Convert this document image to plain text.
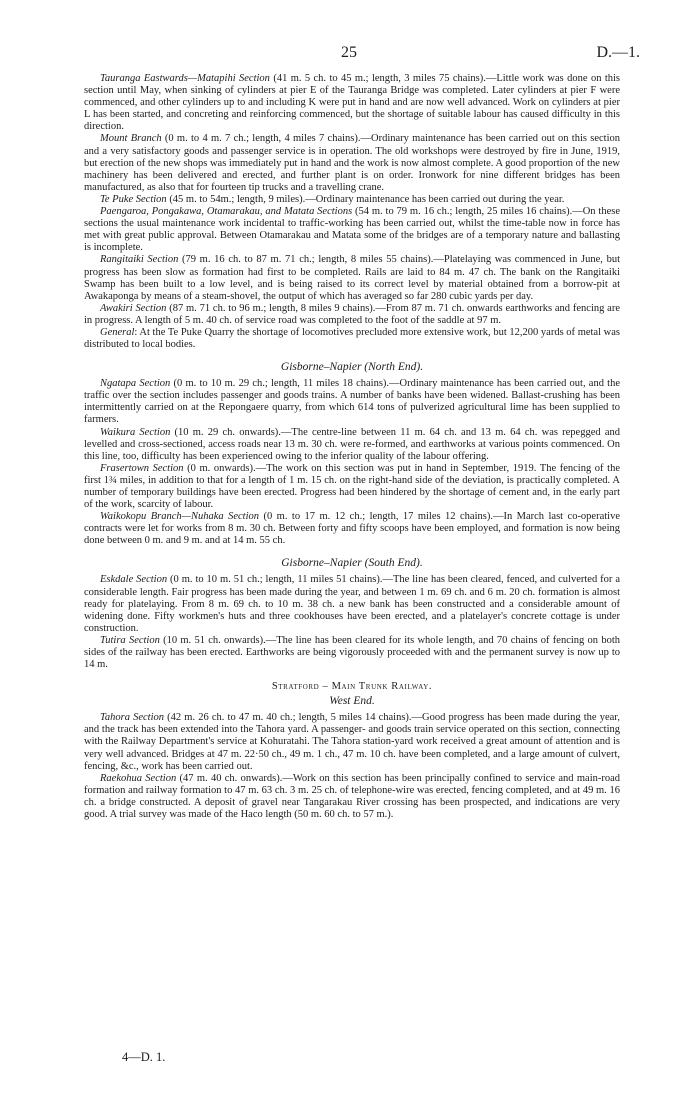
25	D.—1.

Tauranga Eastwards—Matapihi Section (41 m. 5 ch. to 45 m.; length, 3 miles 75 chains).—Little work was done on this section until May, when sinking of cylinders at pier E of the Tauranga Bridge was completed. Later cylinders at pier F were commenced, and other cylinders up to and including K were put in hand and are now well advanced. Work on cylinders at pier L has been started, and concreting and reinforcing commenced, but the shortage of suitable labour has caused difficulty in this direction.

Mount Branch (0 m. to 4 m. 7 ch.; length, 4 miles 7 chains).—Ordinary maintenance has been carried out on this section and a very satisfactory goods and passenger service is in operation. The old workshops were destroyed by fire in June, 1919, but erection of the new shops was immediately put in hand and the work is now almost complete. A good proportion of the new machinery has been delivered and erected, and further plant is on order. Ironwork for nine different bridges has been manufactured, as also that for fourteen tip trucks and a travelling crane.

Te Puke Section (45 m. to 54m.; length, 9 miles).—Ordinary maintenance has been carried out during the year.

Paengaroa, Pongakawa, Otamarakau, and Matata Sections (54 m. to 79 m. 16 ch.; length, 25 miles 16 chains).—On these sections the usual maintenance work incidental to traffic-working has been carried out, whilst the time-table now in force has met with great public approval. Between Otamarakau and Matata some of the bridges are of a temporary nature and ballasting is incomplete.

Rangitaiki Section (79 m. 16 ch. to 87 m. 71 ch.; length, 8 miles 55 chains).—Platelaying was commenced in June, but progress has been slow as formation had first to be completed. Rails are laid to 84 m. 47 ch. The bank on the Rangitaiki Swamp has been built to a low level, and is being raised to its correct level by material obtained from a borrow-pit at Awakaponga by means of a steam-shovel, the output of which has averaged so far 280 cubic yards per day.

Awakiri Section (87 m. 71 ch. to 96 m.; length, 8 miles 9 chains).—From 87 m. 71 ch. onwards earthworks and fencing are in progress. A length of 5 m. 40 ch. of service road was completed to the foot of the saddle at 97 m.

General: At the Te Puke Quarry the shortage of locomotives precluded more extensive work, but 12,200 yards of metal was distributed to local bodies.

Gisborne–Napier (North End).

Ngatapa Section (0 m. to 10 m. 29 ch.; length, 11 miles 18 chains).—Ordinary maintenance has been carried out, and the traffic over the section includes passenger and goods trains. A number of banks have been widened. Ballast-crushing has been intermittently carried on at the Repongaere quarry, from which 614 tons of pulverized agricultural lime has been supplied to farmers.

Waikura Section (10 m. 29 ch. onwards).—The centre-line between 11 m. 64 ch. and 13 m. 64 ch. was repegged and levelled and cross-sectioned, access roads near 13 m. 30 ch. were re-formed, and earthworks at various points commenced. On this line, too, difficulty has been experienced owing to the inferior quality of the labour offering.

Frasertown Section (0 m. onwards).—The work on this section was put in hand in September, 1919. The fencing of the first 1¾ miles, in addition to that for a length of 1 m. 15 ch. on the right-hand side of the deviation, is practically completed. A number of temporary buildings have been erected. Progress had been hindered by the shortage of cement and, in the early part of the work, scarcity of labour.

Waikokopu Branch—Nuhaka Section (0 m. to 17 m. 12 ch.; length, 17 miles 12 chains).—In March last co-operative contracts were let for works from 8 m. 30 ch. Between forty and fifty scoops have been employed, and formation is now being done between 0 m. and 9 m. and at 14 m. 55 ch.

Gisborne–Napier (South End).

Eskdale Section (0 m. to 10 m. 51 ch.; length, 11 miles 51 chains).—The line has been cleared, fenced, and culverted for a considerable length. Fair progress has been made during the year, and between 1 m. 69 ch. and 6 m. 20 ch. formation is almost ready for platelaying. From 8 m. 69 ch. to 10 m. 38 ch. a new bank has been constructed and a considerable amount of widening done. Fifty workmen's huts and three cookhouses have been erected, and a platelayer's concrete cottage is under construction.

Tutira Section (10 m. 51 ch. onwards).—The line has been cleared for its whole length, and 70 chains of fencing on both sides of the railway has been erected. Earthworks are being vigorously proceeded with and the permanent survey is now up to 14 m.

Stratford – Main Trunk Railway.
West End.

Tahora Section (42 m. 26 ch. to 47 m. 40 ch.; length, 5 miles 14 chains).—Good progress has been made during the year, and the track has been extended into the Tahora yard. A passenger- and goods train service operated on this section, connecting with the Railway Department's service at Kohuratahi. The Tahora station-yard work received a great amount of attention and is very well advanced. Bridges at 47 m. 22·50 ch., 49 m. 1 ch., 47 m. 10 ch. have been completed, and a large amount of culvert, fencing, &c., work has been carried out.

Raekohua Section (47 m. 40 ch. onwards).—Work on this section has been principally confined to service and main-road formation and railway formation to 47 m. 63 ch. 3 m. 25 ch. of telephone-wire was erected, fencing completed, and at 49 m. 16 ch. a bridge constructed. A deposit of gravel near Tangarakau River crossing has been prospected, and indications are very good. A trial survey was made of the Haco length (50 m. 60 ch. to 57 m.).

4—D. 1.
